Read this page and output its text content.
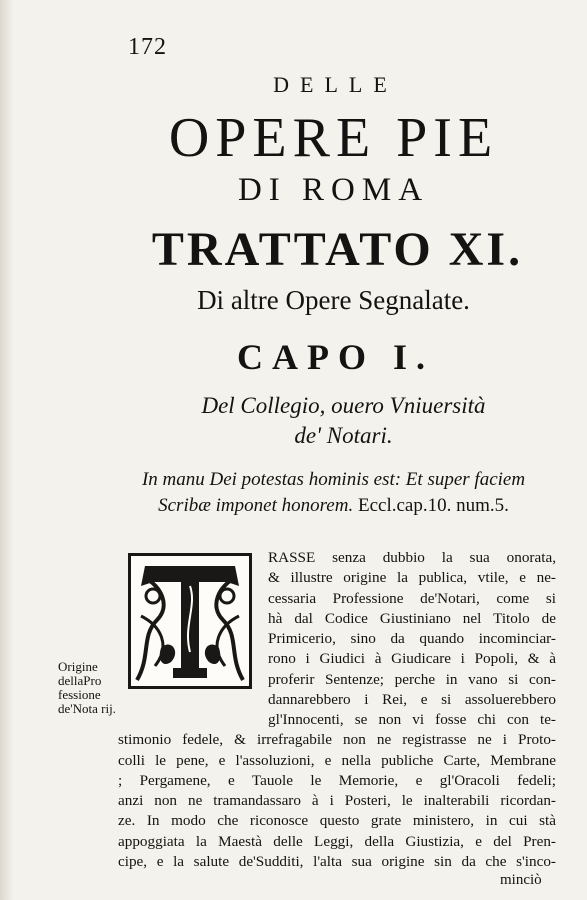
172
DELLE
OPERE PIE
DI ROMA
TRATTATO XI.
Di altre Opere Segnalate.
CAPO I.
Del Collegio, ouero Vniuersità
de' Notari.
In manu Dei potestas hominis est: Et super faciem
Scribæ imponet honorem. Eccl.cap.10. num.5.
Origine dellaPro fessione de'Nota rij.
RASSE senza dubbio la sua onorata,
& illustre origine la publica, vtile, e ne-
cessaria Professione de'Notari, come si
hà dal Codice Giustiniano nel Titolo de
Primicerio, sino da quando incominciar-
rono i Giudici à Giudicare i Popoli, & à
proferir Sentenze; perche in vano si con-
dannarebbero i Rei, e si assoluerebbero
gl'Innocenti, se non vi fosse chi con te-
stimonio fedele, & irrefragabile non ne registrasse ne i Proto-
colli le pene, e l'assoluzioni, e nella publiche Carte, Membrane
; Pergamene, e Tauole le Memorie, e gl'Oracoli fedeli;
anzi non ne tramandassaro à i Posteri, le inalterabili ricordan-
ze. In modo che riconosce questo grate ministero, in cui stà
appoggiata la Maestà delle Leggi, della Giustizia, e del Pren-
cipe, e la salute de'Sudditi, l'alta sua origine sin da che s'inco-
minciò
